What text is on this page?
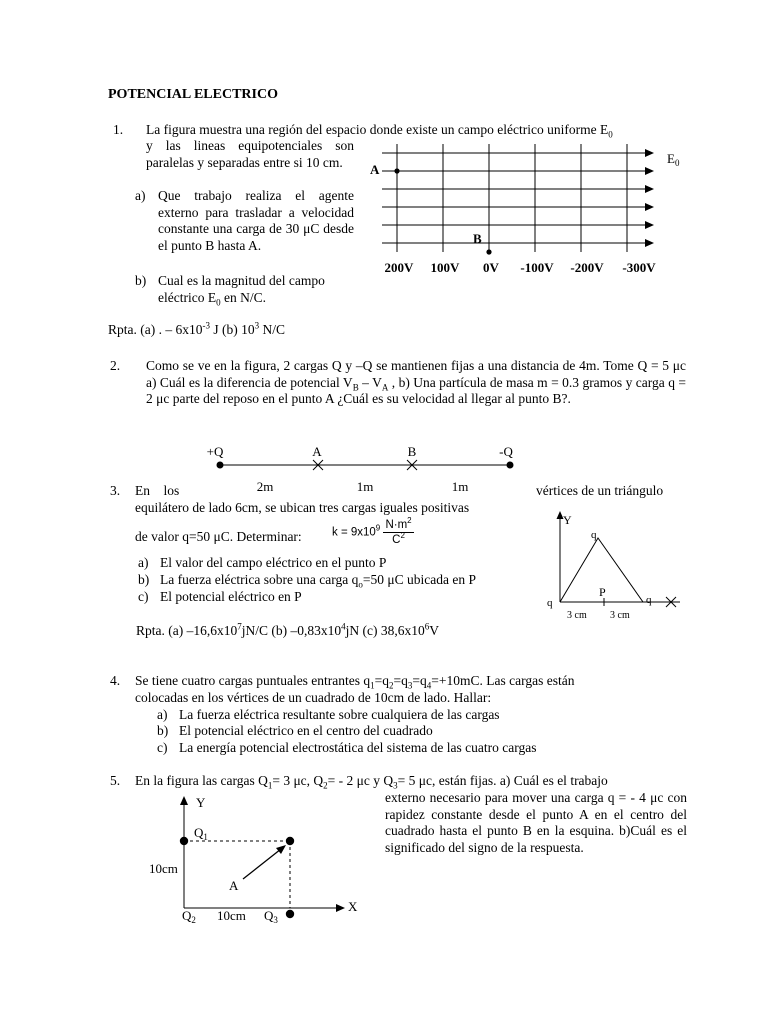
POTENCIAL ELECTRICO
1. La figura muestra una región del espacio donde existe un campo eléctrico uniforme $E_0$
y las lineas equipotenciales son paralelas y separadas entre si 10 cm.
a) Que trabajo realiza el agente externo para trasladar a velocidad constante una carga de 30 μC desde el punto B hasta A.
b) Cual es la magnitud del campo eléctrico $E_0$ en N/C.
Rpta. (a) . – $6x10^{-3}$ J (b) $10^3$ N/C
$E_0$
A
B
200V 100V 0V -100V -200V -300V
2. Como se ve en la figura, 2 cargas Q y –Q se mantienen fijas a una distancia de 4m. Tome Q = 5 μc a) Cuál es la diferencia de potencial $V_B - V_A$ , b) Una partícula de masa m = 0.3 gramos y carga q = 2 μc parte del reposo en el punto A ¿Cuál es su velocidad al llegar al punto B?.
+Q	A	B	-Q
2m	1m	1m
3. En    los	vértices de un triángulo
equilátero de lado 6cm, se ubican tres cargas iguales positivas
de valor q=50 μC. Determinar:	$k = 9x10^9 \frac{N\cdot m^2}{C^2}$
a) El valor del campo eléctrico en el punto P
b) La fuerza eléctrica sobre una carga $q_o=50$ μC ubicada en P
c) El potencial eléctrico en P
Rpta. (a) $-16,6x10^7jN/C$ (b) $-0,83x10^4jN$ (c) $38,6x10^6V$
Y
q
q	q
P
3 cm 3 cm
4. Se tiene cuatro cargas puntuales entrantes $q_1=q_2=q_3=q_4=+10mC$. Las cargas están
colocadas en los vértices de un cuadrado de 10cm de lado. Hallar:
a) La fuerza eléctrica resultante sobre cualquiera de las cargas
b) El potencial eléctrico en el centro del cuadrado
c) La energía potencial electrostática del sistema de las cuatro cargas
5. En la figura las cargas $Q_1= 3$ μc, $Q_2= - 2$ μc y $Q_3= 5$ μc, están fijas. a) Cuál es el trabajo
externo necesario para mover una carga q = - 4 μc con rapidez constante desde el punto A en el centro del cuadrado hasta el punto B en la esquina. b)Cuál es el significado del signo de la respuesta.
Y
X
$Q_1$
$Q_2$	$Q_3$
A
10cm
10cm
